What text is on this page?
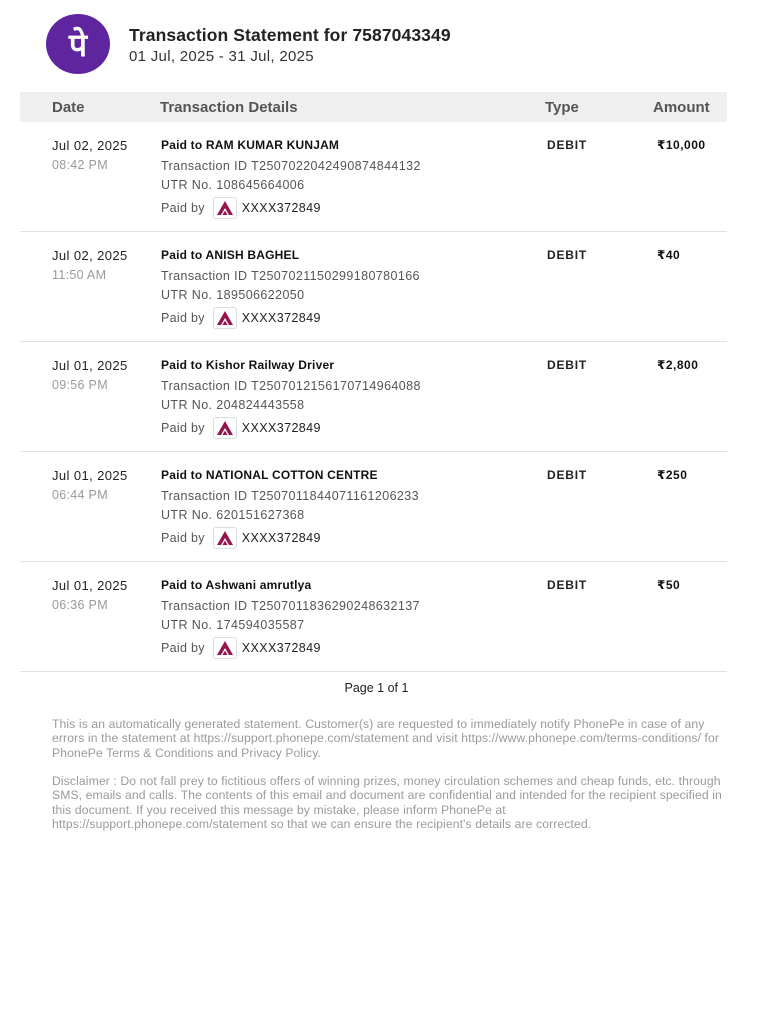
पे Transaction Statement for 7587043349
01 Jul, 2025 - 31 Jul, 2025
Date	Transaction Details	Type	Amount
Jul 02, 2025
08:42 PM
Paid to RAM KUMAR KUNJAM
Transaction ID T2507022042490874844132
UTR No. 108645664006
Paid by	XXXX372849
DEBIT	₹10,000
Jul 02, 2025
11:50 AM
Paid to ANISH BAGHEL
Transaction ID T2507021150299180780166
UTR No. 189506622050
Paid by	XXXX372849
DEBIT	₹40
Jul 01, 2025
09:56 PM
Paid to Kishor Railway Driver
Transaction ID T2507012156170714964088
UTR No. 204824443558
Paid by	XXXX372849
DEBIT	₹2,800
Jul 01, 2025
06:44 PM
Paid to NATIONAL COTTON CENTRE
Transaction ID T2507011844071161206233
UTR No. 620151627368
Paid by	XXXX372849
DEBIT	₹250
Jul 01, 2025
06:36 PM
Paid to Ashwani amrutlya
Transaction ID T2507011836290248632137
UTR No. 174594035587
Paid by	XXXX372849
DEBIT	₹50
Page 1 of 1
This is an automatically generated statement. Customer(s) are requested to immediately notify PhonePe in case of any errors in the statement at https://support.phonepe.com/statement and visit https://www.phonepe.com/terms-conditions/ for PhonePe Terms & Conditions and Privacy Policy.
Disclaimer : Do not fall prey to fictitious offers of winning prizes, money circulation schemes and cheap funds, etc. through SMS, emails and calls. The contents of this email and document are confidential and intended for the recipient specified in this document. If you received this message by mistake, please inform PhonePe at https://support.phonepe.com/statement so that we can ensure the recipient's details are corrected.
